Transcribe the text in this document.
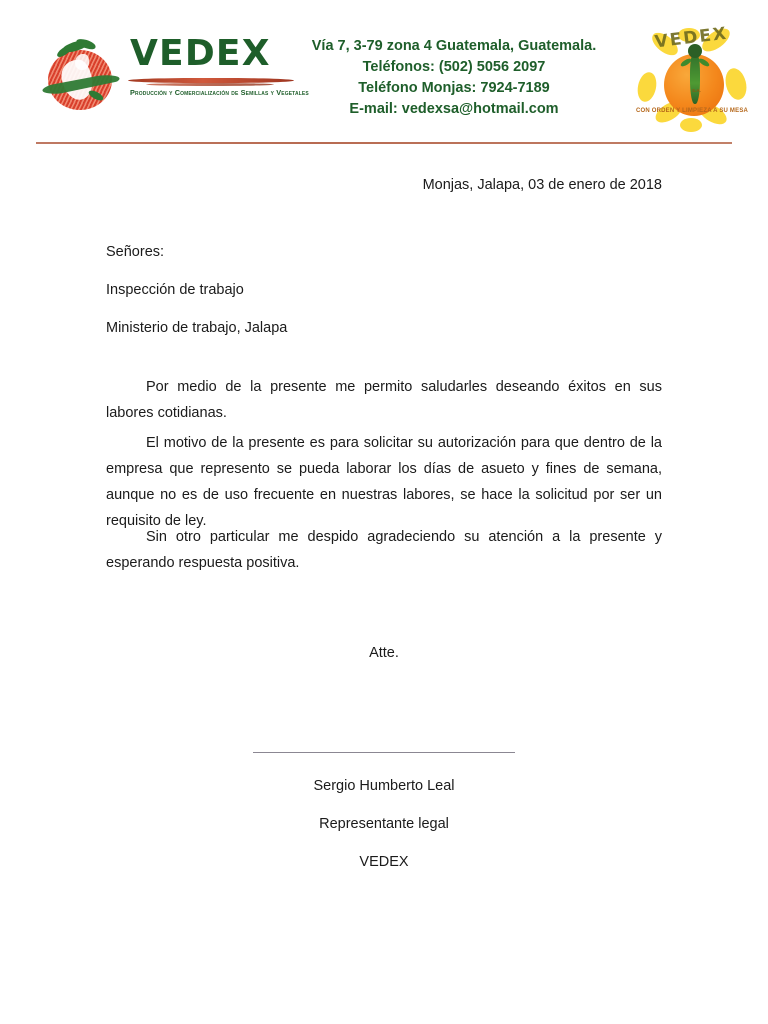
VEDEX
Producción y Comercialización de Semillas y Vegetales
Vía 7, 3-79 zona 4 Guatemala, Guatemala.
Teléfonos: (502) 5056 2097
Teléfono Monjas: 7924-7189
E-mail: vedexsa@hotmail.com
VEDEX
S.A.
CON ORDEN Y LIMPIEZA A SU MESA
Monjas, Jalapa, 03 de enero de 2018

Señores:

Inspección de trabajo

Ministerio de trabajo, Jalapa

Por medio de la presente me permito saludarles deseando éxitos en sus labores cotidianas.

El motivo de la presente es para solicitar su autorización para que dentro de la empresa que represento se pueda laborar los días de asueto y fines de semana, aunque no es de uso frecuente en nuestras labores, se hace la solicitud por ser un requisito de ley.

Sin otro particular me despido agradeciendo su atención a la presente y esperando respuesta positiva.

Atte.

Sergio Humberto Leal

Representante legal

VEDEX
